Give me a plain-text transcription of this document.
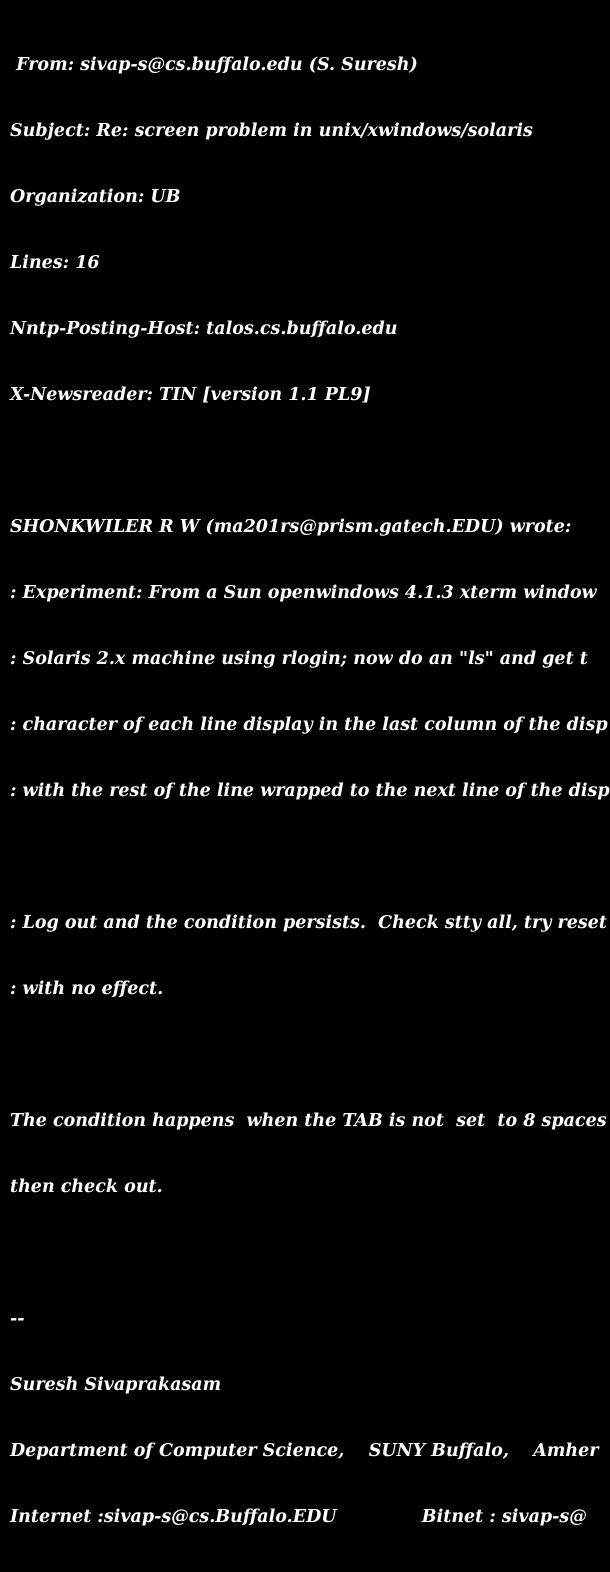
From: sivap-s@cs.buffalo.edu (S. Suresh)

Subject: Re: screen problem in unix/xwindows/solaris

Organization: UB

Lines: 16

Nntp-Posting-Host: talos.cs.buffalo.edu

X-Newsreader: TIN [version 1.1 PL9]

SHONKWILER R W (ma201rs@prism.gatech.EDU) wrote:

: Experiment: From a Sun openwindows 4.1.3 xterm window

: Solaris 2.x machine using rlogin; now do an "ls" and get t

: character of each line display in the last column of the disp

: with the rest of the line wrapped to the next line of the disp

: Log out and the condition persists.  Check stty all, try reset

: with no effect.

The condition happens  when the TAB is not  set  to 8 spaces

then check out.

--

Suresh Sivaprakasam

Department of Computer Science,    SUNY Buffalo,    Amher

Internet :sivap-s@cs.Buffalo.EDU              Bitnet : sivap-s@
